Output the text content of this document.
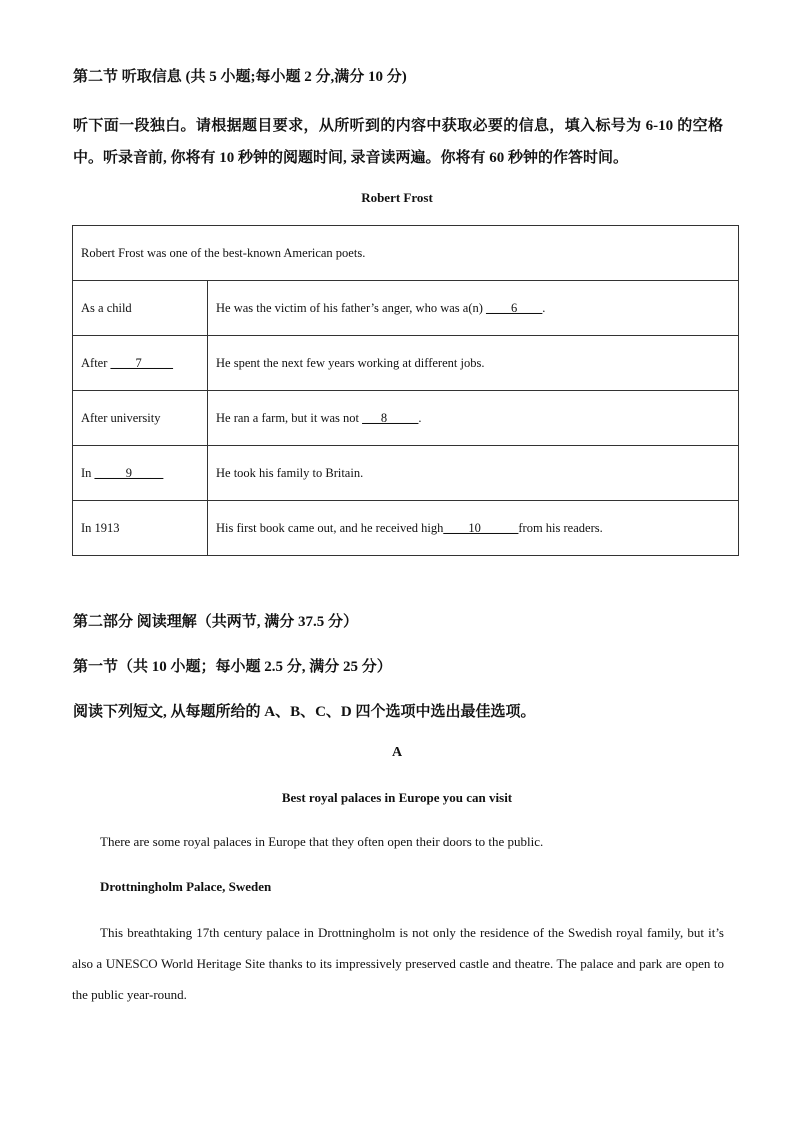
第二节 听取信息 (共 5 小题;每小题 2 分,满分 10 分)
听下面一段独白。请根据题目要求，从所听到的内容中获取必要的信息，填入标号为 6-10 的空格中。听录音前, 你将有 10 秒钟的阅题时间, 录音读两遍。你将有 60 秒钟的作答时间。
Robert Frost
Robert Frost was one of the best-known American poets.	
As a child	He was the victim of his father’s anger, who was a(n) ____6____.
After ____7_____	He spent the next few years working at different jobs.
After university	He ran a farm, but it was not ___8_____.
In _____9_____	He took his family to Britain.
In 1913	His first book came out, and he received high____10______from his readers.
第二部分 阅读理解（共两节, 满分 37.5 分）
第一节（共 10 小题；每小题 2.5 分, 满分 25 分）
阅读下列短文, 从每题所给的 A、B、C、D 四个选项中选出最佳选项。
A
Best royal palaces in Europe you can visit
There are some royal palaces in Europe that they often open their doors to the public.
Drottningholm Palace, Sweden
This breathtaking 17th century palace in Drottningholm is not only the residence of the Swedish royal family, but it’s also a UNESCO World Heritage Site thanks to its impressively preserved castle and theatre. The palace and park are open to the public year-round.
